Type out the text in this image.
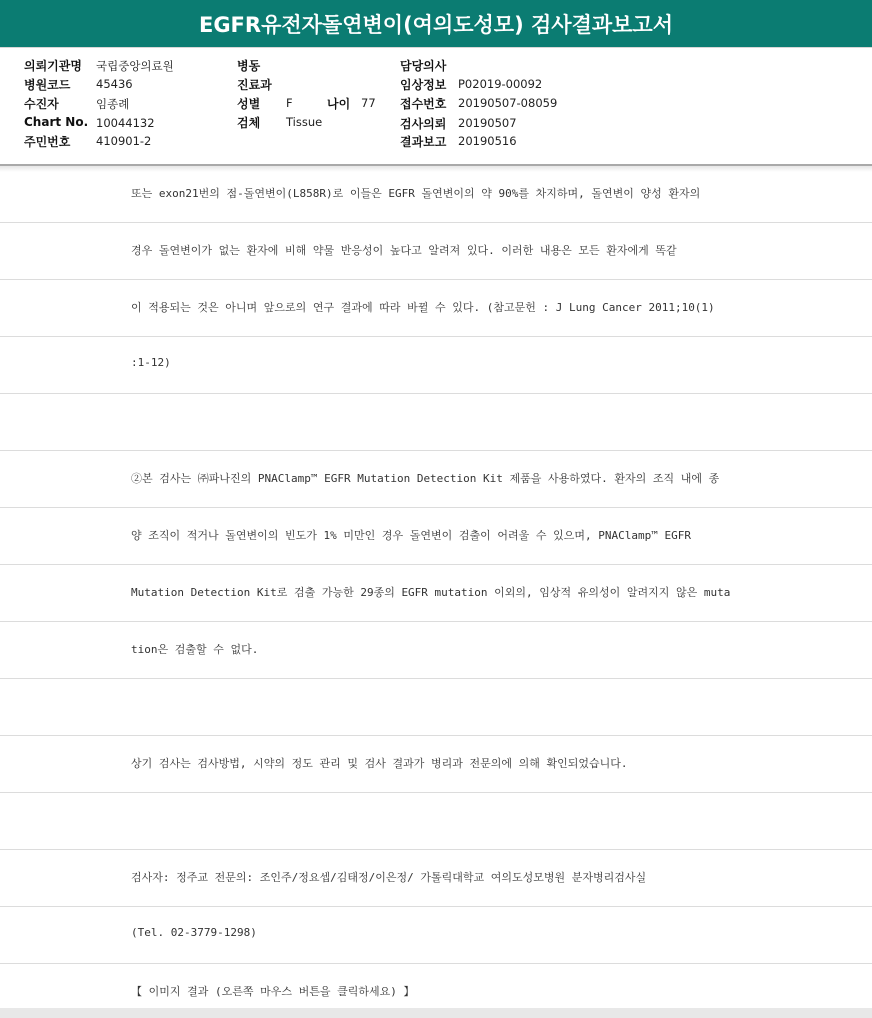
EGFR유전자돌연변이(여의도성모) 검사결과보고서
의뢰기관명 국립중앙의료원
병원코드 45436
수진자	임종례
Chart No. 10044132
주민번호 410901-2
병동
진료과
성별 F	나이 77
검체 Tissue
담당의사
임상정보 P02019-00092
접수번호 20190507-08059
검사의뢰 20190507
결과보고 20190516
또는 exon21번의 점-돌연변이(L858R)로 이들은 EGFR 돌연변이의 약 90%를 차지하며, 돌연변이 양성 환자의
경우 돌연변이가 없는 환자에 비해 약물 반응성이 높다고 알려져 있다. 이러한 내용은 모든 환자에게 똑같
이 적용되는 것은 아니며 앞으로의 연구 결과에 따라 바뀔 수 있다. (참고문헌 : J Lung Cancer 2011;10(1)
:1-12)
②본 검사는 ㈜파나진의 PNAClamp™ EGFR Mutation Detection Kit 제품을 사용하였다. 환자의 조직 내에 종
양 조직이 적거나 돌연변이의 빈도가 1% 미만인 경우 돌연변이 검출이 어려울 수 있으며, PNAClamp™ EGFR
Mutation Detection Kit로 검출 가능한 29종의 EGFR mutation 이외의, 임상적 유의성이 알려지지 않은 muta
tion은 검출할 수 없다.
상기 검사는 검사방법, 시약의 정도 관리 및 검사 결과가 병리과 전문의에 의해 확인되었습니다.
검사자: 정주교 전문의: 조인주/정요셉/김태정/이은정/ 가톨릭대학교 여의도성모병원 분자병리검사실
(Tel. 02-3779-1298)
【 이미지 결과 (오른쪽 마우스 버튼을 클릭하세요) 】
